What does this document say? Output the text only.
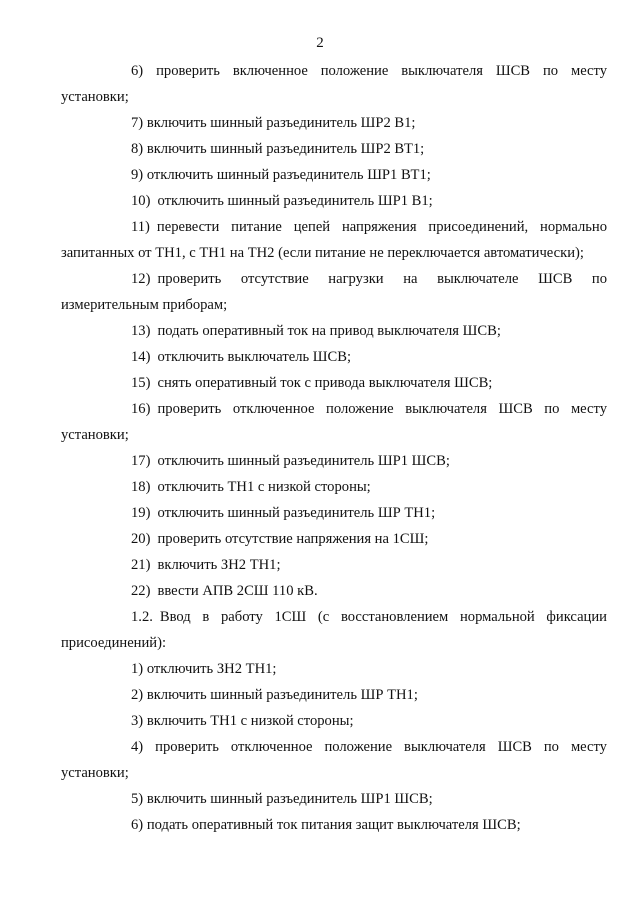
2

6) проверить включенное положение выключателя ШСВ по месту установки;

7) включить шинный разъединитель ШР2 В1;

8) включить шинный разъединитель ШР2 ВТ1;

9) отключить шинный разъединитель ШР1 ВТ1;

10) отключить шинный разъединитель ШР1 В1;

11) перевести питание цепей напряжения присоединений, нормально запитанных от ТН1, с ТН1 на ТН2 (если питание не переключается автоматически);

12) проверить отсутствие нагрузки на выключателе ШСВ по измерительным приборам;

13) подать оперативный ток на привод выключателя ШСВ;

14) отключить выключатель ШСВ;

15) снять оперативный ток с привода выключателя ШСВ;

16) проверить отключенное положение выключателя ШСВ по месту установки;

17) отключить шинный разъединитель ШР1 ШСВ;

18) отключить ТН1 с низкой стороны;

19) отключить шинный разъединитель ШР ТН1;

20) проверить отсутствие напряжения на 1СШ;

21) включить ЗН2 ТН1;

22) ввести АПВ 2СШ 110 кВ.

1.2. Ввод в работу 1СШ (с восстановлением нормальной фиксации присоединений):

1) отключить ЗН2 ТН1;

2) включить шинный разъединитель ШР ТН1;

3) включить ТН1 с низкой стороны;

4) проверить отключенное положение выключателя ШСВ по месту установки;

5) включить шинный разъединитель ШР1 ШСВ;

6) подать оперативный ток питания защит выключателя ШСВ;
